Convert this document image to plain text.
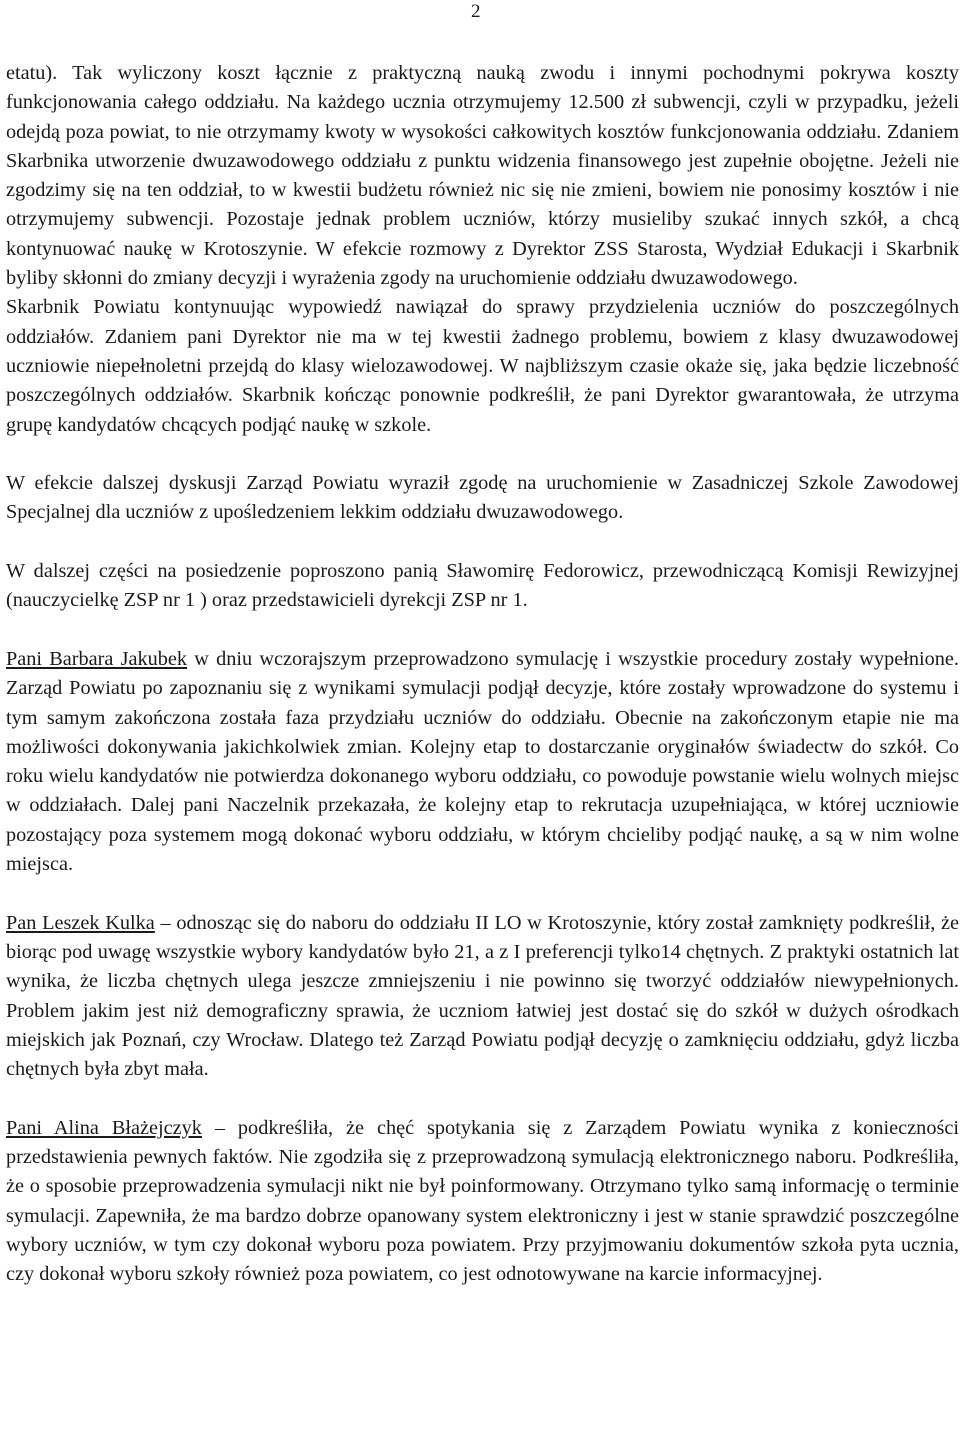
2

etatu). Tak wyliczony koszt łącznie z praktyczną nauką zwodu i innymi pochodnymi pokrywa koszty funkcjonowania całego oddziału. Na każdego ucznia otrzymujemy 12.500 zł subwencji, czyli w przypadku, jeżeli odejdą poza powiat, to nie otrzymamy kwoty w wysokości całkowitych kosztów funkcjonowania oddziału. Zdaniem Skarbnika utworzenie dwuzawodowego oddziału z punktu widzenia finansowego jest zupełnie obojętne. Jeżeli nie zgodzimy się na ten oddział, to w kwestii budżetu również nic się nie zmieni, bowiem nie ponosimy kosztów i nie otrzymujemy subwencji. Pozostaje jednak problem uczniów, którzy musieliby szukać innych szkół, a chcą kontynuować naukę w Krotoszynie. W efekcie rozmowy z Dyrektor ZSS Starosta, Wydział Edukacji i Skarbnik byliby skłonni do zmiany decyzji i wyrażenia zgody na uruchomienie oddziału dwuzawodowego.

Skarbnik Powiatu kontynuując wypowiedź nawiązał do sprawy przydzielenia uczniów do poszczególnych oddziałów. Zdaniem pani Dyrektor nie ma w tej kwestii żadnego problemu, bowiem z klasy dwuzawodowej uczniowie niepełnoletni przejdą do klasy wielozawodowej. W najbliższym czasie okaże się, jaka będzie liczebność poszczególnych oddziałów. Skarbnik kończąc ponownie podkreślił, że pani Dyrektor gwarantowała, że utrzyma grupę kandydatów chcących podjąć naukę w szkole.

W efekcie dalszej dyskusji Zarząd Powiatu wyraził zgodę na uruchomienie w Zasadniczej Szkole Zawodowej Specjalnej dla uczniów z upośledzeniem lekkim oddziału dwuzawodowego.

W dalszej części na posiedzenie poproszono panią Sławomirę Fedorowicz, przewodniczącą Komisji Rewizyjnej (nauczycielkę ZSP nr 1 ) oraz przedstawicieli dyrekcji ZSP nr 1.

Pani Barbara Jakubek w dniu wczorajszym przeprowadzono symulację i wszystkie procedury zostały wypełnione. Zarząd Powiatu po zapoznaniu się z wynikami symulacji podjął decyzje, które zostały wprowadzone do systemu i tym samym zakończona została faza przydziału uczniów do oddziału. Obecnie na zakończonym etapie nie ma możliwości dokonywania jakichkolwiek zmian. Kolejny etap to dostarczanie oryginałów świadectw do szkół. Co roku wielu kandydatów nie potwierdza dokonanego wyboru oddziału, co powoduje powstanie wielu wolnych miejsc w oddziałach. Dalej pani Naczelnik przekazała, że kolejny etap to rekrutacja uzupełniająca, w której uczniowie pozostający poza systemem mogą dokonać wyboru oddziału, w którym chcieliby podjąć naukę, a są w nim wolne miejsca.

Pan Leszek Kulka – odnosząc się do naboru do oddziału II LO w Krotoszynie, który został zamknięty podkreślił, że biorąc pod uwagę wszystkie wybory kandydatów było 21, a z I preferencji tylko14 chętnych. Z praktyki ostatnich lat wynika, że liczba chętnych ulega jeszcze zmniejszeniu i nie powinno się tworzyć oddziałów niewypełnionych. Problem jakim jest niż demograficzny sprawia, że uczniom łatwiej jest dostać się do szkół w dużych ośrodkach miejskich jak Poznań, czy Wrocław. Dlatego też Zarząd Powiatu podjął decyzję o zamknięciu oddziału, gdyż liczba chętnych była zbyt mała.

Pani Alina Błażejczyk – podkreśliła, że chęć spotykania się z Zarządem Powiatu wynika z konieczności przedstawienia pewnych faktów. Nie zgodziła się z przeprowadzoną symulacją elektronicznego naboru. Podkreśliła, że o sposobie przeprowadzenia symulacji nikt nie był poinformowany. Otrzymano tylko samą informację o terminie symulacji. Zapewniła, że ma bardzo dobrze opanowany system elektroniczny i jest w stanie sprawdzić poszczególne wybory uczniów, w tym czy dokonał wyboru poza powiatem. Przy przyjmowaniu dokumentów szkoła pyta ucznia, czy dokonał wyboru szkoły również poza powiatem, co jest odnotowywane na karcie informacyjnej.
